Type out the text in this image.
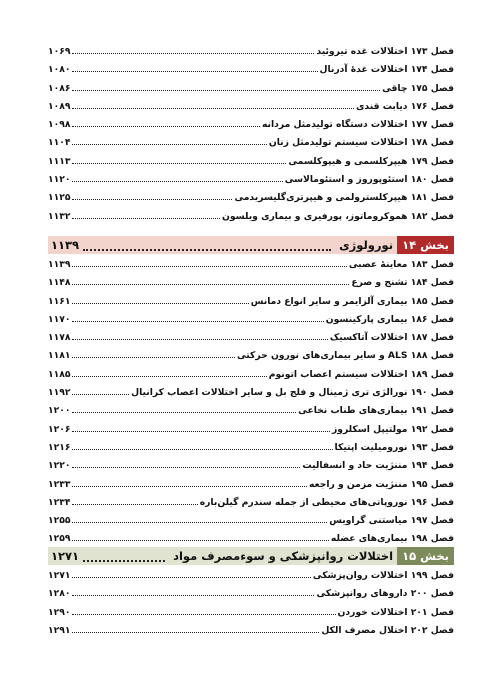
فصل ۱۷۳ اختلالات غده تیروئید
۱۰۶۹
فصل ۱۷۴ اختلالات غدهٔ آدرنال
۱۰۸۰
فصل ۱۷۵ چاقی
۱۰۸۶
فصل ۱۷۶ دیابت قندی
۱۰۸۹
فصل ۱۷۷ اختلالات دستگاه تولیدمثل مردانه
۱۰۹۸
فصل ۱۷۸ اختلالات سیستم تولیدمثل زنان
۱۱۰۴
فصل ۱۷۹ هیپرکلسمی و هیپوکلسمی
۱۱۱۳
فصل ۱۸۰ استئوپوروز و استئومالاسی
۱۱۲۰
فصل ۱۸۱ هیپرکلسترولمی و هیپرتری‌گلیسریدمی
۱۱۲۵
فصل ۱۸۲ هموکروماتوز، پورفیری و بیماری ویلسون
۱۱۳۲
بخش ۱۴
نورولوژی
۱۱۳۹
فصل ۱۸۳ معاینهٔ عصبی
۱۱۳۹
فصل ۱۸۴ تشنج و صرع
۱۱۴۸
فصل ۱۸۵ بیماری آلزایمر و سایر انواع دمانس
۱۱۶۱
فصل ۱۸۶ بیماری پارکینسون
۱۱۷۰
فصل ۱۸۷ اختلالات آتاکسیک
۱۱۷۸
فصل ۱۸۸ ALS و سایر بیماری‌های نورون حرکتی
۱۱۸۱
فصل ۱۸۹ اختلالات سیستم اعصاب اتونوم
۱۱۸۵
فصل ۱۹۰ نورالژی تری ژمینال و فلج بل و سایر اختلالات اعصاب کرانیال
۱۱۹۲
فصل ۱۹۱ بیماری‌های طناب نخاعی
۱۲۰۰
فصل ۱۹۲ مولتیپل اسکلروز
۱۲۰۶
فصل ۱۹۳ نورومیلیت اپتیکا
۱۲۱۶
فصل ۱۹۴ مننژیت حاد و انسفالیت
۱۲۲۰
فصل ۱۹۵ مننژیت مزمن و راجعه
۱۲۳۳
فصل ۱۹۶ نوروپاتی‌های محیطی از جمله سندرم گیلن‌باره
۱۲۳۴
فصل ۱۹۷ میاستنی گراویس
۱۲۵۵
فصل ۱۹۸ بیماری‌های عضله
۱۲۵۹
بخش ۱۵
اختلالات روانپزشکی و سوءمصرف مواد
۱۲۷۱
فصل ۱۹۹ اختلالات روان‌پزشکی
۱۲۷۱
فصل ۲۰۰ داروهای روانپزشکی
۱۲۸۰
فصل ۲۰۱ اختلالات خوردن
۱۲۹۰
فصل ۲۰۲ اختلال مصرف الکل
۱۲۹۱
